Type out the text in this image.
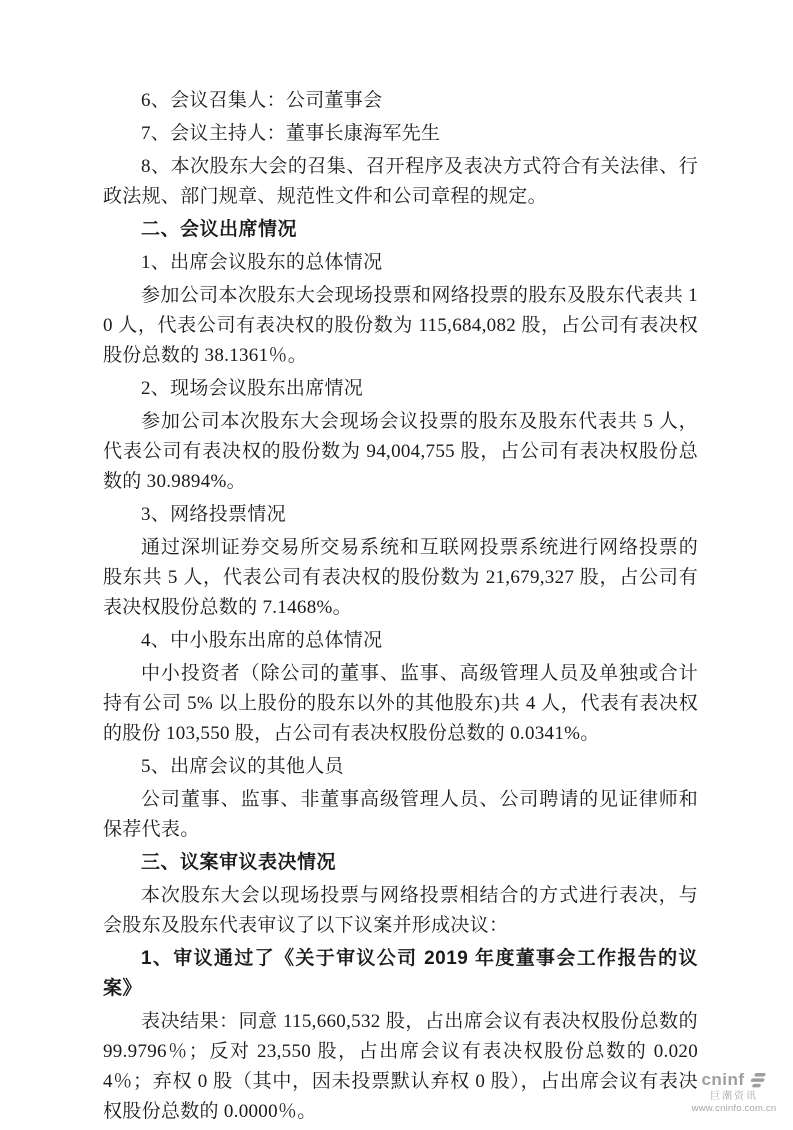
6、会议召集人：公司董事会

7、会议主持人：董事长康海军先生

8、本次股东大会的召集、召开程序及表决方式符合有关法律、行政法规、部门规章、规范性文件和公司章程的规定。

二、会议出席情况

1、出席会议股东的总体情况

参加公司本次股东大会现场投票和网络投票的股东及股东代表共 10 人，代表公司有表决权的股份数为 115,684,082 股，占公司有表决权股份总数的 38.1361％。

2、现场会议股东出席情况

参加公司本次股东大会现场会议投票的股东及股东代表共 5 人，代表公司有表决权的股份数为 94,004,755 股，占公司有表决权股份总数的 30.9894%。

3、网络投票情况

通过深圳证券交易所交易系统和互联网投票系统进行网络投票的股东共 5 人，代表公司有表决权的股份数为 21,679,327 股，占公司有表决权股份总数的 7.1468%。

4、中小股东出席的总体情况

中小投资者（除公司的董事、监事、高级管理人员及单独或合计持有公司 5% 以上股份的股东以外的其他股东)共 4 人，代表有表决权的股份 103,550 股，占公司有表决权股份总数的 0.0341%。

5、出席会议的其他人员

公司董事、监事、非董事高级管理人员、公司聘请的见证律师和保荐代表。

三、议案审议表决情况

本次股东大会以现场投票与网络投票相结合的方式进行表决，与会股东及股东代表审议了以下议案并形成决议：

1、审议通过了《关于审议公司 2019 年度董事会工作报告的议案》

表决结果：同意 115,660,532 股，占出席会议有表决权股份总数的 99.9796％；反对 23,550 股，占出席会议有表决权股份总数的 0.0204％；弃权 0 股（其中，因未投票默认弃权 0 股），占出席会议有表决权股份总数的 0.0000％。

cninf
巨潮资讯
www.cninfo.com.cn
